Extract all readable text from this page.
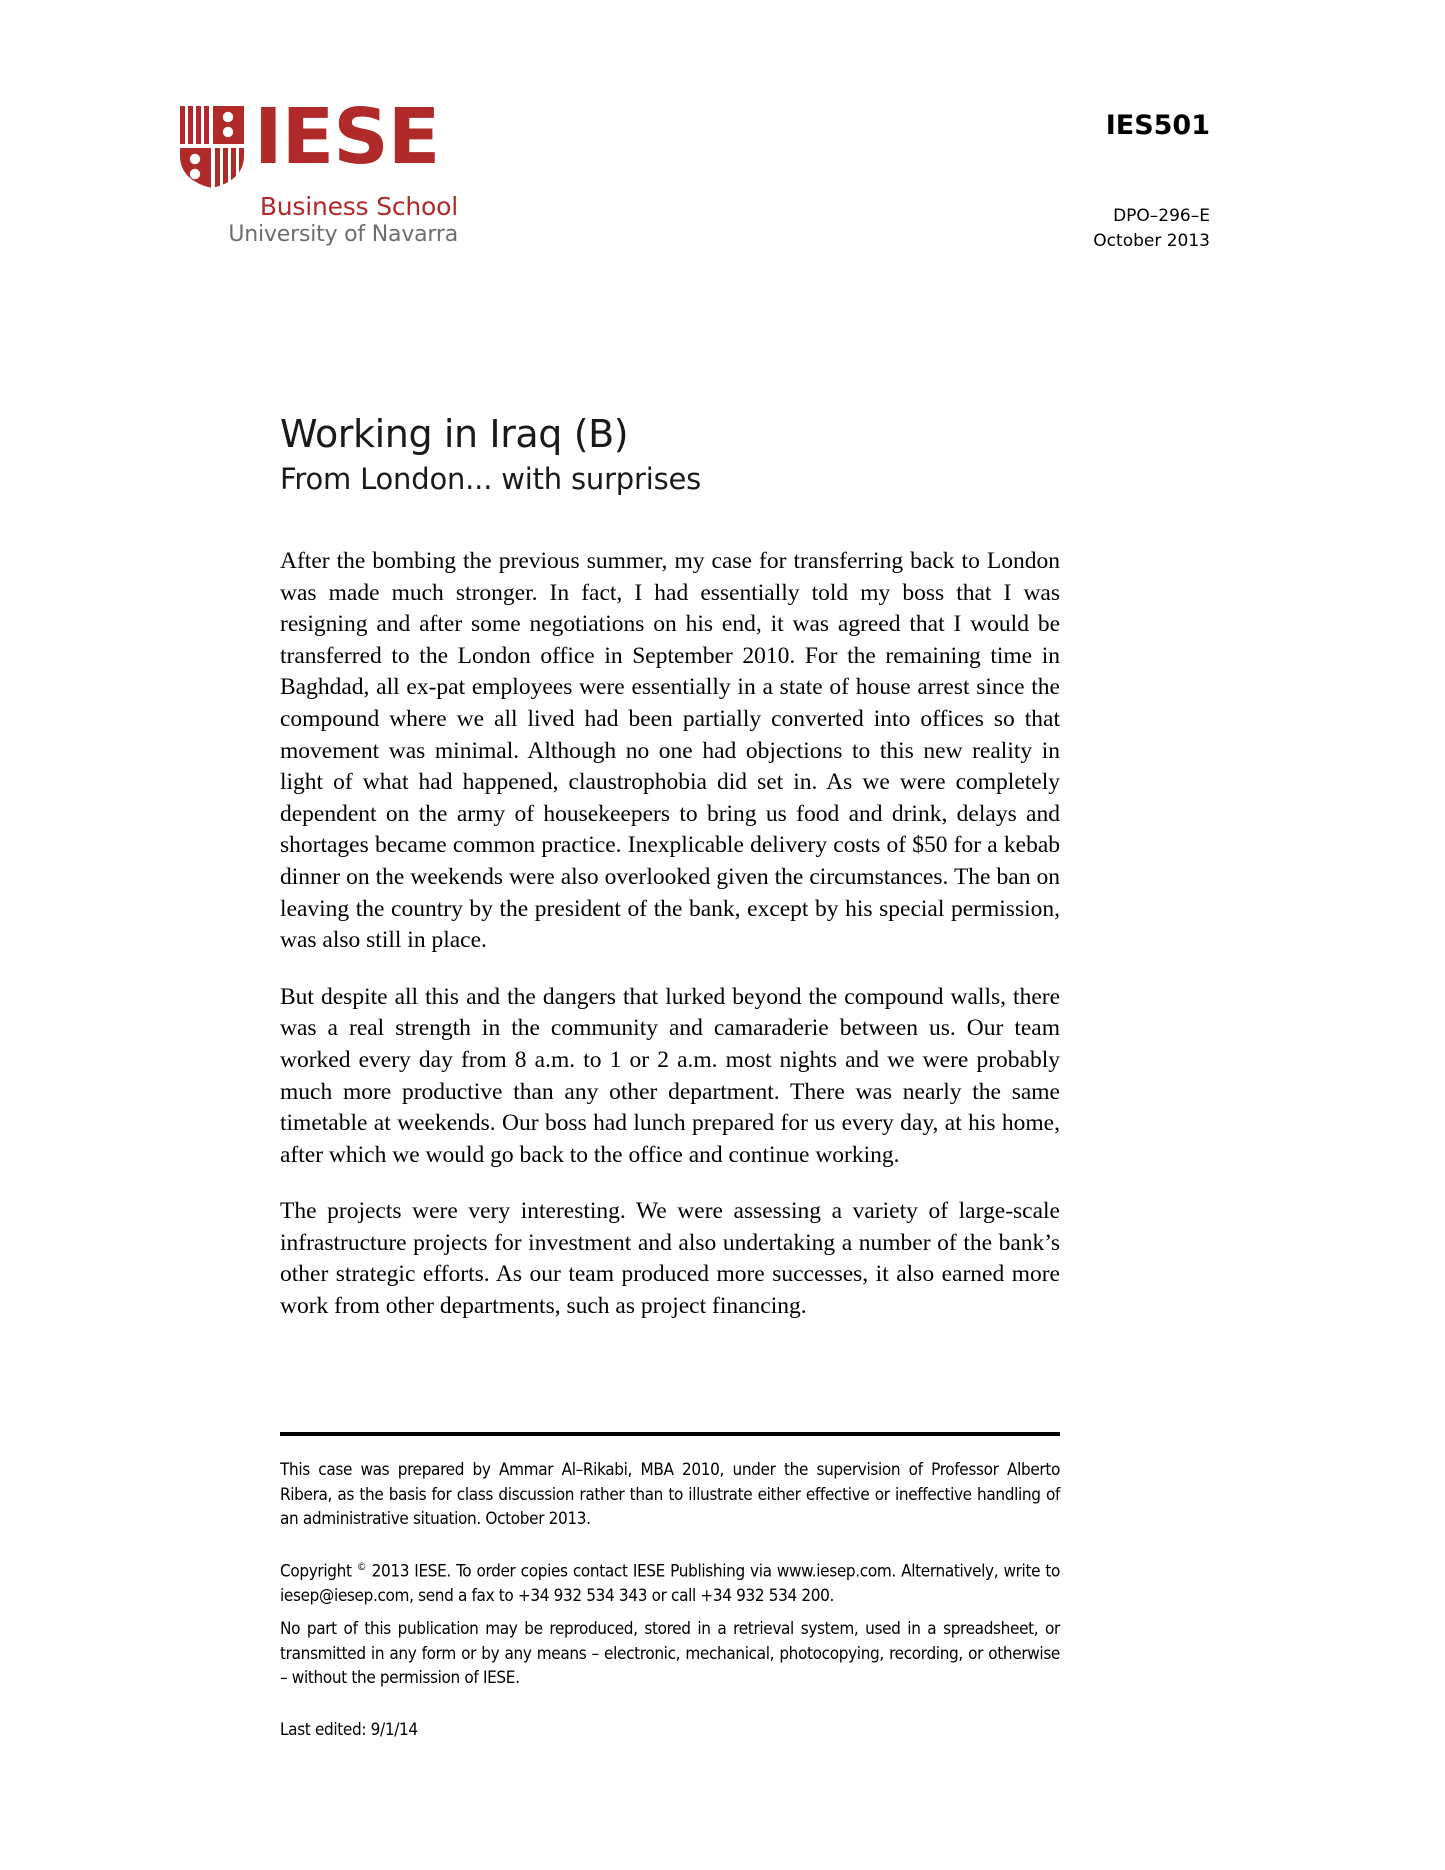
IESE
Business School
University of Navarra
IES501
DPO–296–E
October 2013
Working in Iraq (B)
From London... with surprises

After the bombing the previous summer, my case for transferring back to London was made much stronger. In fact, I had essentially told my boss that I was resigning and after some negotiations on his end, it was agreed that I would be transferred to the London office in September 2010. For the remaining time in Baghdad, all ex-pat employees were essentially in a state of house arrest since the compound where we all lived had been partially converted into offices so that movement was minimal. Although no one had objections to this new reality in light of what had happened, claustrophobia did set in. As we were completely dependent on the army of housekeepers to bring us food and drink, delays and shortages became common practice. Inexplicable delivery costs of $50 for a kebab dinner on the weekends were also overlooked given the circumstances. The ban on leaving the country by the president of the bank, except by his special permission, was also still in place.

But despite all this and the dangers that lurked beyond the compound walls, there was a real strength in the community and camaraderie between us. Our team worked every day from 8 a.m. to 1 or 2 a.m. most nights and we were probably much more productive than any other department. There was nearly the same timetable at weekends. Our boss had lunch prepared for us every day, at his home, after which we would go back to the office and continue working.

The projects were very interesting. We were assessing a variety of large-scale infrastructure projects for investment and also undertaking a number of the bank’s other strategic efforts. As our team produced more successes, it also earned more work from other departments, such as project financing.

This case was prepared by Ammar Al–Rikabi, MBA 2010, under the supervision of Professor Alberto Ribera, as the basis for class discussion rather than to illustrate either effective or ineffective handling of an administrative situation. October 2013.

Copyright © 2013 IESE. To order copies contact IESE Publishing via www.iesep.com. Alternatively, write to iesep@iesep.com, send a fax to +34 932 534 343 or call +34 932 534 200.

No part of this publication may be reproduced, stored in a retrieval system, used in a spreadsheet, or transmitted in any form or by any means – electronic, mechanical, photocopying, recording, or otherwise – without the permission of IESE.

Last edited: 9/1/14
